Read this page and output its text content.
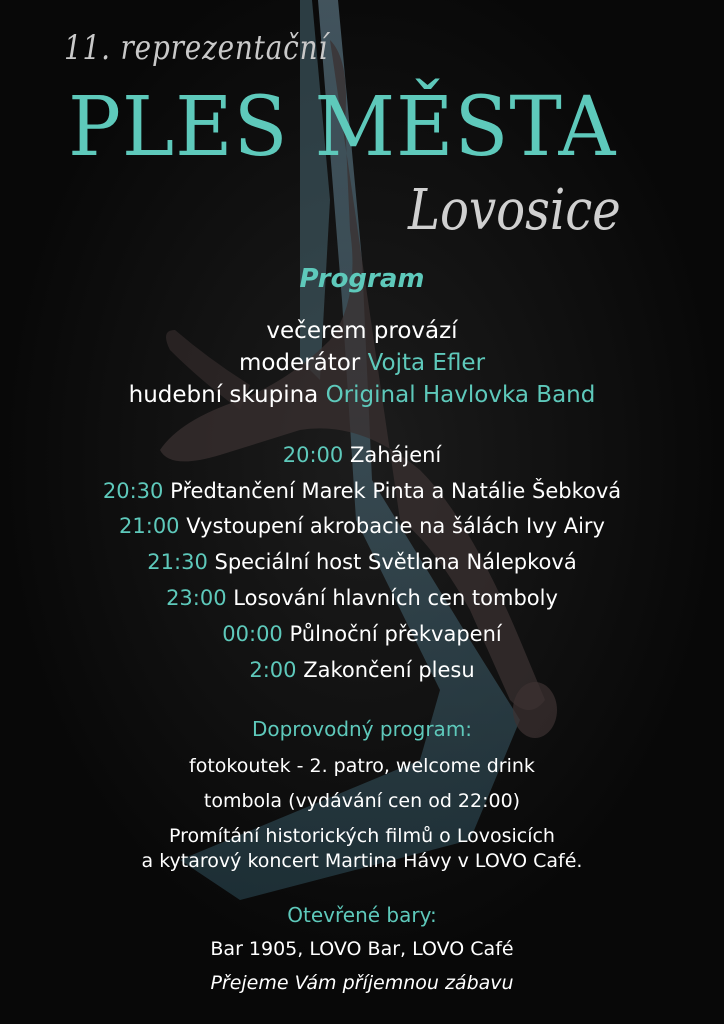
11. reprezentační
PLES MĚSTA
Lovosice
Program
večerem provází
moderátor Vojta Efler
hudební skupina Original Havlovka Band
20:00 Zahájení
20:30 Předtančení Marek Pinta a Natálie Šebková
21:00 Vystoupení akrobacie na šálách Ivy Airy
21:30 Speciální host Světlana Nálepková
23:00 Losování hlavních cen tomboly
00:00 Půlnoční překvapení
2:00 Zakončení plesu
Doprovodný program:
fotokoutek - 2. patro, welcome drink
tombola (vydávání cen od 22:00)
Promítání historických filmů o Lovosicích
a kytarový koncert Martina Hávy v LOVO Café.
Otevřené bary:
Bar 1905, LOVO Bar, LOVO Café
Přejeme Vám příjemnou zábavu
